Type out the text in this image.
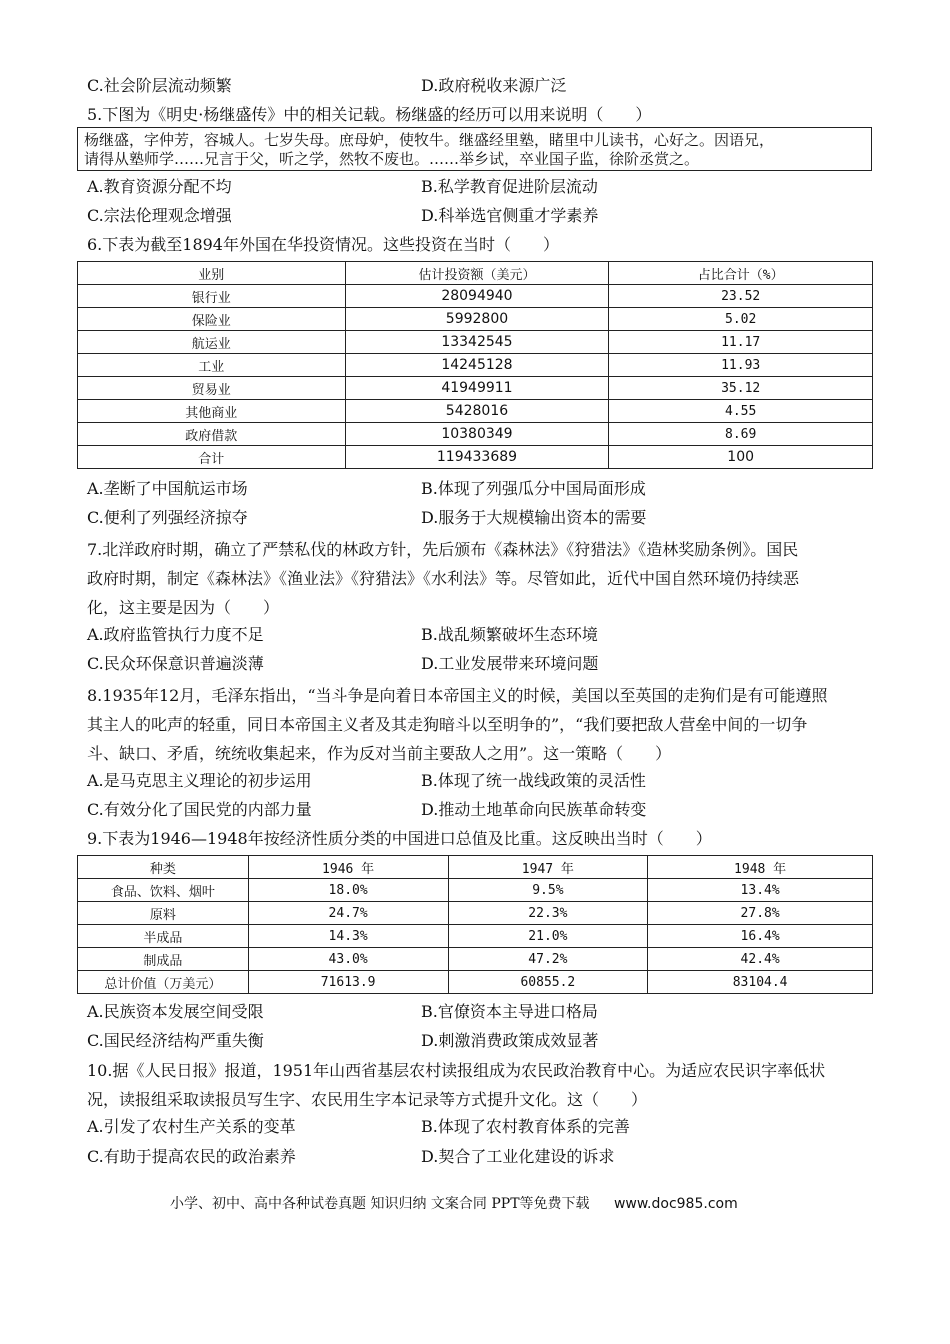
C.社会阶层流动频繁	D.政府税收来源广泛
5.下图为《明史·杨继盛传》中的相关记载。杨继盛的经历可以用来说明（　　）
杨继盛，字仲芳，容城人。七岁失母。庶母妒，使牧牛。继盛经里塾，睹里中儿读书，心好之。因语兄，
请得从塾师学……兄言于父，听之学，然牧不废也。……举乡试，卒业国子监，徐阶丞赏之。
A.教育资源分配不均	B.私学教育促进阶层流动
C.宗法伦理观念增强	D.科举选官侧重才学素养
6.下表为截至1894年外国在华投资情况。这些投资在当时（　　）
业别	估计投资额（美元）	占比合计（%）
银行业	28094940	23.52
保险业	5992800	5.02
航运业	13342545	11.17
工业	14245128	11.93
贸易业	41949911	35.12
其他商业	5428016	4.55
政府借款	10380349	8.69
合计	119433689	100
A.垄断了中国航运市场	B.体现了列强瓜分中国局面形成
C.便利了列强经济掠夺	D.服务于大规模输出资本的需要
7.北洋政府时期，确立了严禁私伐的林政方针，先后颁布《森林法》《狩猎法》《造林奖励条例》。国民
政府时期，制定《森林法》《渔业法》《狩猎法》《水利法》等。尽管如此，近代中国自然环境仍持续恶
化，这主要是因为（　　）
A.政府监管执行力度不足	B.战乱频繁破坏生态环境
C.民众环保意识普遍淡薄	D.工业发展带来环境问题
8.1935年12月，毛泽东指出，“当斗争是向着日本帝国主义的时候，美国以至英国的走狗们是有可能遵照
其主人的叱声的轻重，同日本帝国主义者及其走狗暗斗以至明争的”，“我们要把敌人营垒中间的一切争
斗、缺口、矛盾，统统收集起来，作为反对当前主要敌人之用”。这一策略（　　）
A.是马克思主义理论的初步运用	B.体现了统一战线政策的灵活性
C.有效分化了国民党的内部力量	D.推动土地革命向民族革命转变
9.下表为1946—1948年按经济性质分类的中国进口总值及比重。这反映出当时（　　）
种类	1946 年	1947 年	1948 年
食品、饮料、烟叶	18.0%	9.5%	13.4%
原料	24.7%	22.3%	27.8%
半成品	14.3%	21.0%	16.4%
制成品	43.0%	47.2%	42.4%
总计价值（万美元）	71613.9	60855.2	83104.4
A.民族资本发展空间受限	B.官僚资本主导进口格局
C.国民经济结构严重失衡	D.刺激消费政策成效显著
10.据《人民日报》报道，1951年山西省基层农村读报组成为农民政治教育中心。为适应农民识字率低状
况，读报组采取读报员写生字、农民用生字本记录等方式提升文化。这（　　）
A.引发了农村生产关系的变革	B.体现了农村教育体系的完善
C.有助于提高农民的政治素养	D.契合了工业化建设的诉求
小学、初中、高中各种试卷真题 知识归纳 文案合同 PPT等免费下载 www.doc985.com
